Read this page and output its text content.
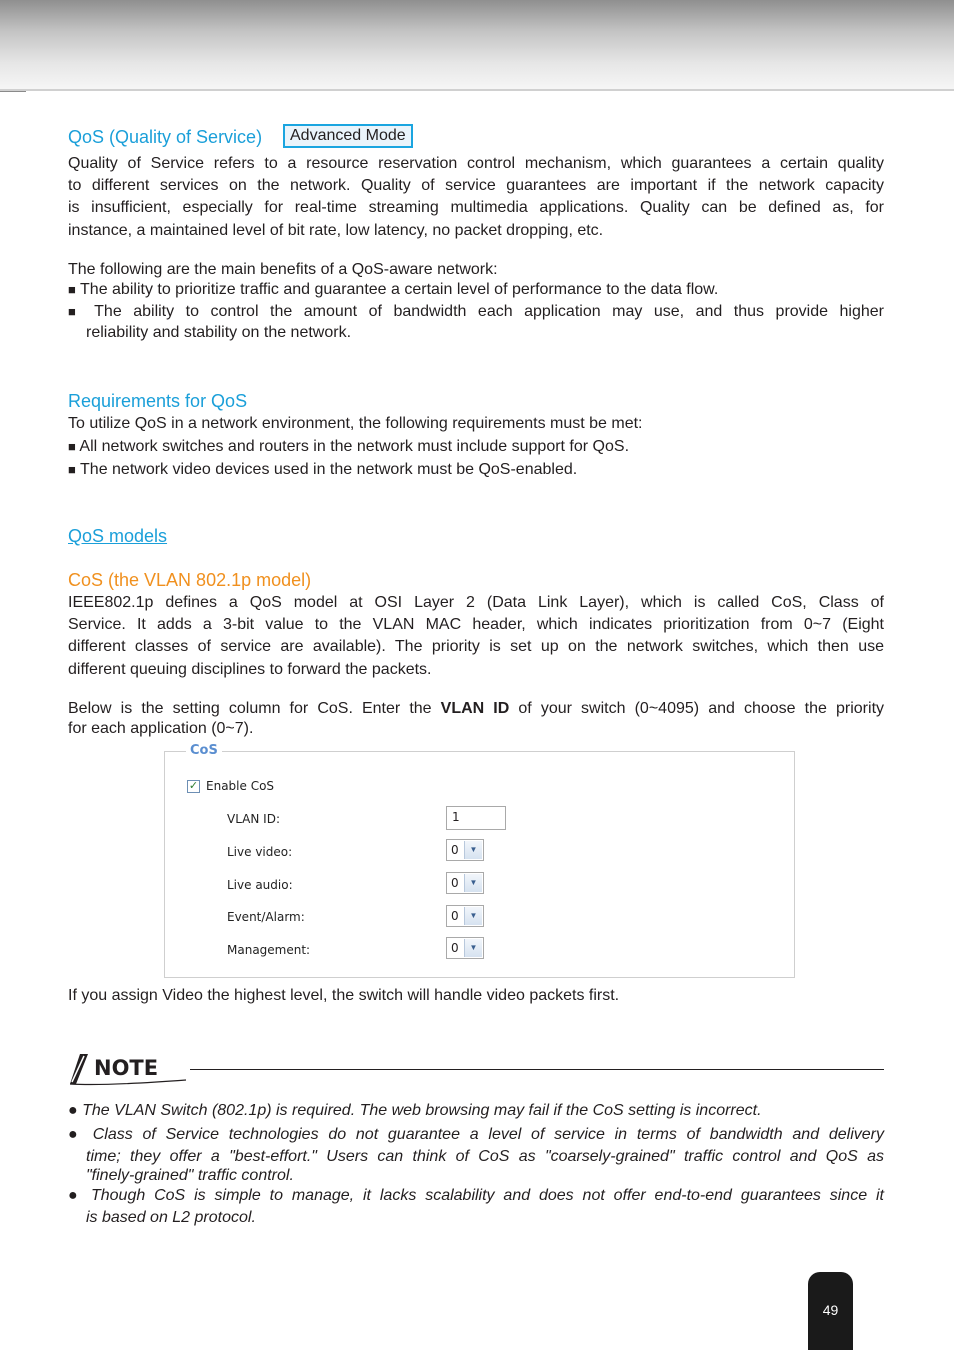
QoS (Quality of Service)	Advanced Mode
Quality of Service refers to a resource reservation control mechanism, which guarantees a certain quality
to different services on the network. Quality of service guarantees are important if the network capacity
is insufficient, especially for real-time streaming multimedia applications. Quality can be defined as, for
instance, a maintained level of bit rate, low latency, no packet dropping, etc.
The following are the main benefits of a QoS-aware network:
■ The ability to prioritize traffic and guarantee a certain level of performance to the data flow.
■ The ability to control the amount of bandwidth each application may use, and thus provide higher
reliability and stability on the network.
Requirements for QoS
To utilize QoS in a network environment, the following requirements must be met:
■ All network switches and routers in the network must include support for QoS.
■ The network video devices used in the network must be QoS-enabled.
QoS models
CoS (the VLAN 802.1p model)
IEEE802.1p defines a QoS model at OSI Layer 2 (Data Link Layer), which is called CoS, Class of
Service. It adds a 3-bit value to the VLAN MAC header, which indicates prioritization from 0~7 (Eight
different classes of service are available). The priority is set up on the network switches, which then use
different queuing disciplines to forward the packets.
Below is the setting column for CoS. Enter the VLAN ID of your switch (0~4095) and choose the priority
for each application (0~7).
CoS
✓ Enable CoS
VLAN ID:	1
Live video:	0	▼
Live audio:	0	▼
Event/Alarm:	0	▼
Management:	0	▼
If you assign Video the highest level, the switch will handle video packets first.
NOTE
● The VLAN Switch (802.1p) is required. The web browsing may fail if the CoS setting is incorrect.
● Class of Service technologies do not guarantee a level of service in terms of bandwidth and delivery
time; they offer a "best-effort." Users can think of CoS as "coarsely-grained" traffic control and QoS as
"finely-grained" traffic control.
● Though CoS is simple to manage, it lacks scalability and does not offer end-to-end guarantees since it
is based on L2 protocol.
49
